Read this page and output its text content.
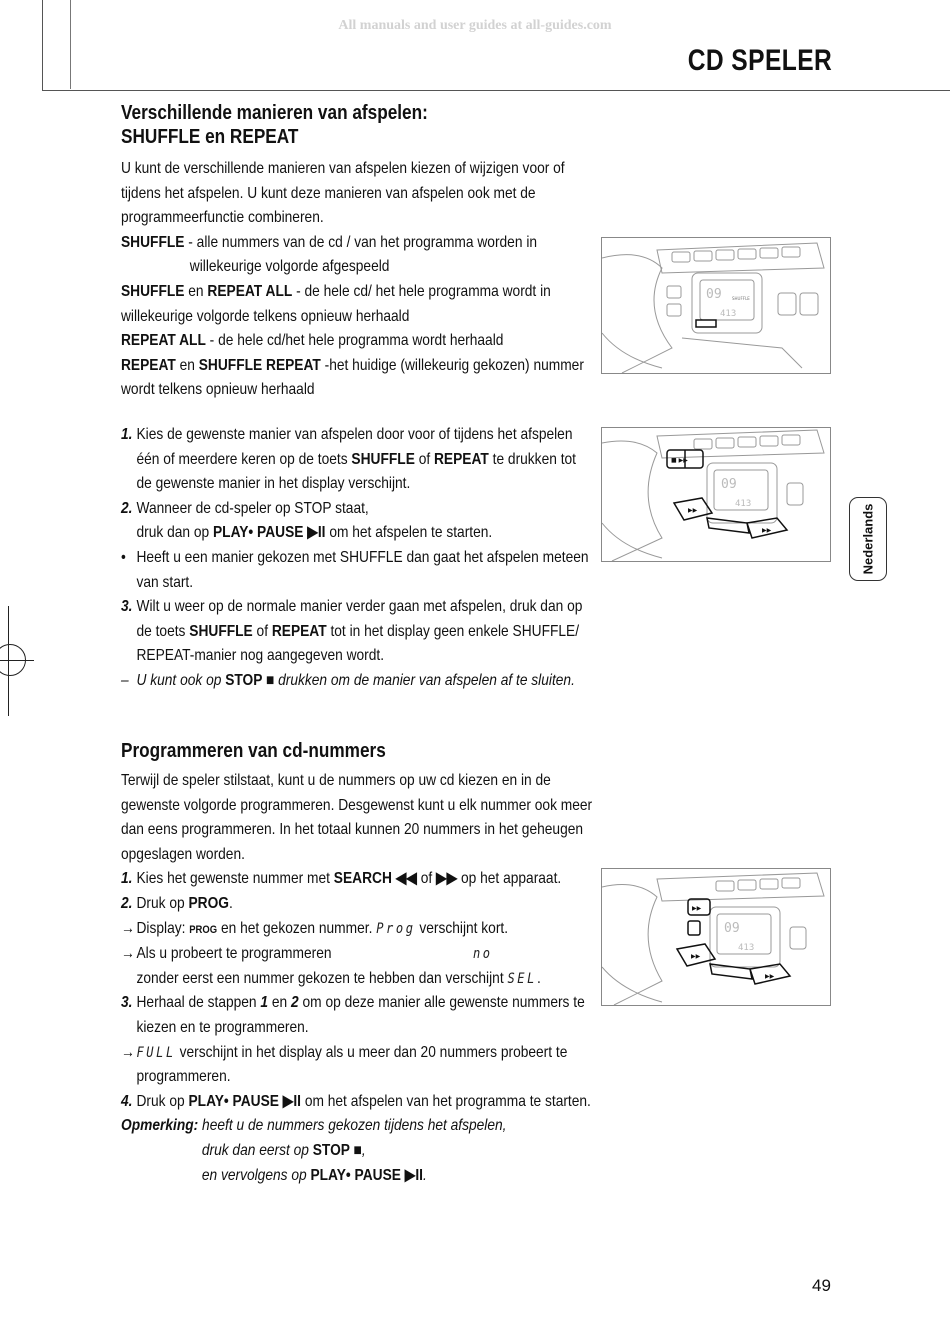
All manuals and user guides at all-guides.com
CD SPELER
Nederlands
Verschillende manieren van afspelen:
SHUFFLE en REPEAT

U kunt de verschillende manieren van afspelen kiezen of wijzigen voor of tijdens het afspelen. U kunt deze manieren van afspelen ook met de programmeerfunctie combineren.

SHUFFLE - alle nummers van de cd / van het programma worden in

willekeurige volgorde afgespeeld

SHUFFLE en REPEAT ALL - de hele cd/ het hele programma wordt in willekeurige volgorde telkens opnieuw herhaald

REPEAT ALL - de hele cd/het hele programma wordt herhaald

REPEAT en SHUFFLE REPEAT -het huidige (willekeurig gekozen) nummer wordt telkens opnieuw herhaald

1. Kies de gewenste manier van afspelen door voor of tijdens het afspelen één of meerdere keren op de toets SHUFFLE of REPEAT te drukken tot de gewenste manier in het display verschijnt.

2. Wanneer de cd-speler op STOP staat,
druk dan op PLAY• PAUSE ▶II om het afspelen te starten.

• Heeft u een manier gekozen met SHUFFLE dan gaat het afspelen meteen van start.

3. Wilt u weer op de normale manier verder gaan met afspelen, druk dan op de toets SHUFFLE of REPEAT tot in het display geen enkele SHUFFLE/ REPEAT-manier nog aangegeven wordt.

– U kunt ook op STOP ■ drukken om de manier van afspelen af te sluiten.

Programmeren van cd-nummers

Terwijl de speler stilstaat, kunt u de nummers op uw cd kiezen en in de gewenste volgorde programmeren. Desgewenst kunt u elk nummer ook meer dan eens programmeren. In het totaal kunnen 20 nummers in het geheugen opgeslagen worden.

1. Kies het gewenste nummer met SEARCH ◀◀ of ▶▶ op het apparaat.

2. Druk op PROG.

→ Display: PROG en het gekozen nummer. Prog verschijnt kort.

→ Als u probeert te programmeren	no
zonder eerst een nummer gekozen te hebben dan verschijnt SEL.

3. Herhaal de stappen 1 en 2 om op deze manier alle gewenste nummers te kiezen en te programmeren.

→ FULL verschijnt in het display als u meer dan 20 nummers probeert te programmeren.

4. Druk op PLAY• PAUSE ▶II om het afspelen van het programma te starten.

Opmerking: heeft u de nummers gekozen tijdens het afspelen,

druk dan eerst op STOP ■,

en vervolgens op PLAY• PAUSE ▶II.

09
413
SHUFFLE
09
413
■ ▶▶
▶▶
▶▶
09
413
▶▶
▶▶
▶▶
49
